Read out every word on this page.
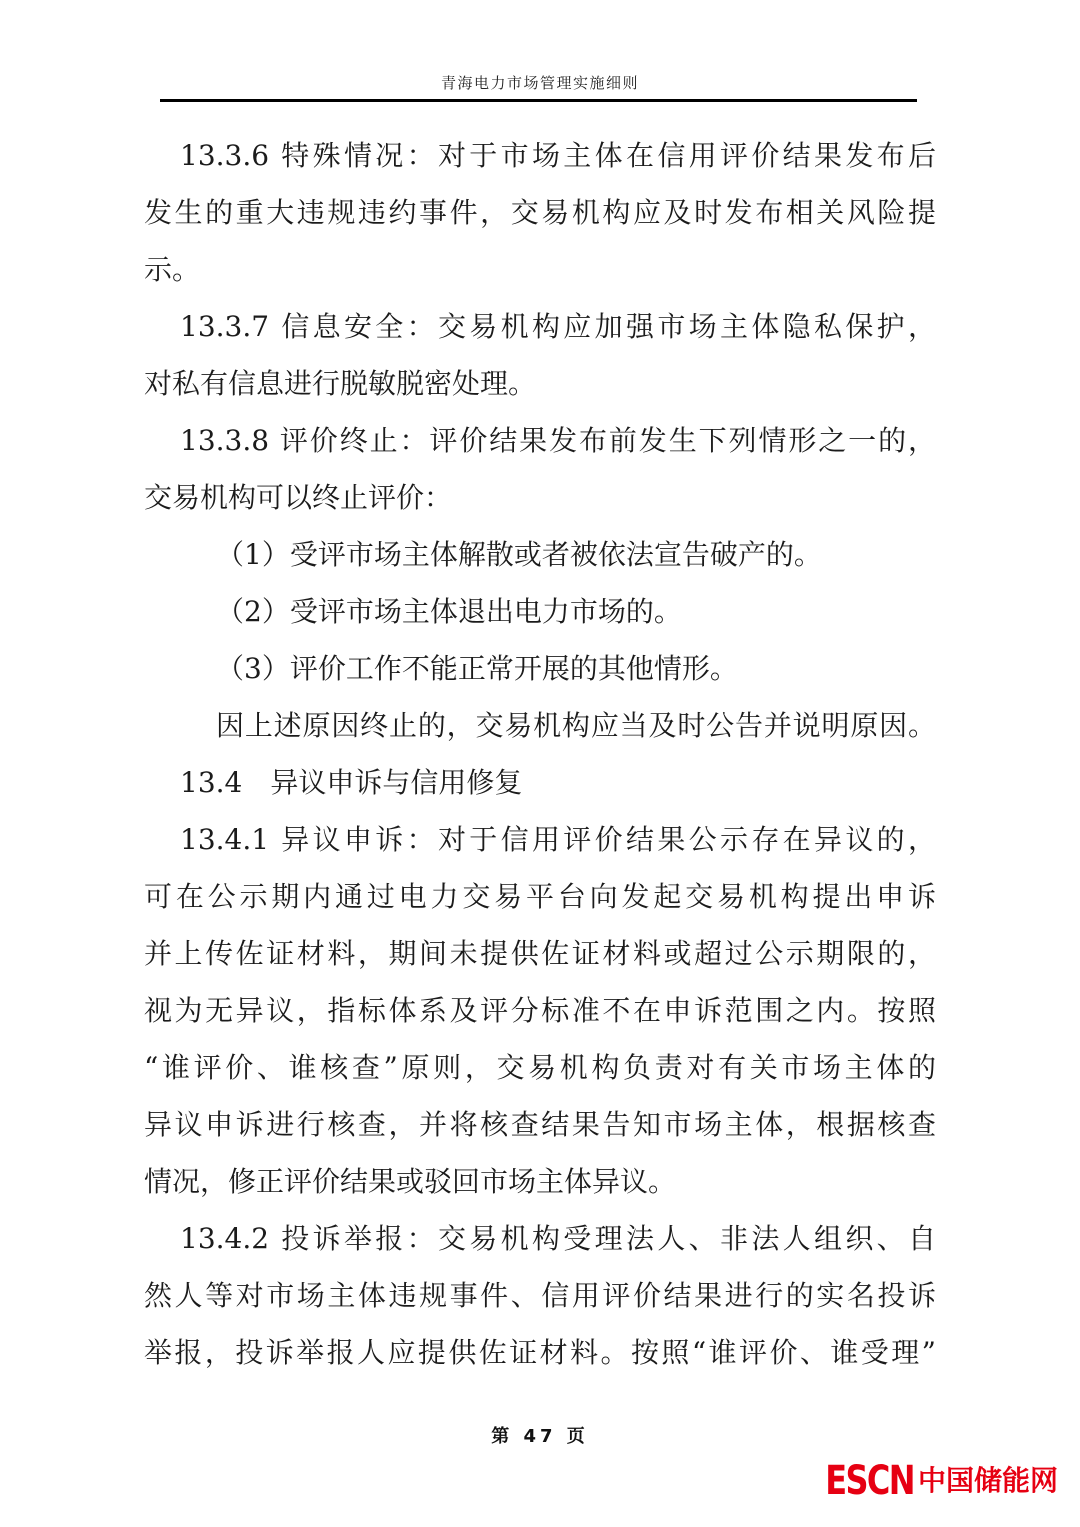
青海电力市场管理实施细则
13.3.6 特殊情况：对于市场主体在信用评价结果发布后
发生的重大违规违约事件，交易机构应及时发布相关风险提
示。
13.3.7 信息安全：交易机构应加强市场主体隐私保护，
对私有信息进行脱敏脱密处理。
13.3.8 评价终止：评价结果发布前发生下列情形之一的，
交易机构可以终止评价：
（1）受评市场主体解散或者被依法宣告破产的。
（2）受评市场主体退出电力市场的。
（3）评价工作不能正常开展的其他情形。
因上述原因终止的，交易机构应当及时公告并说明原因。
13.4　异议申诉与信用修复
13.4.1 异议申诉：对于信用评价结果公示存在异议的，
可在公示期内通过电力交易平台向发起交易机构提出申诉
并上传佐证材料，期间未提供佐证材料或超过公示期限的，
视为无异议，指标体系及评分标准不在申诉范围之内。按照
“谁评价、谁核查”原则，交易机构负责对有关市场主体的
异议申诉进行核查，并将核查结果告知市场主体，根据核查
情况，修正评价结果或驳回市场主体异议。
13.4.2 投诉举报：交易机构受理法人、非法人组织、自
然人等对市场主体违规事件、信用评价结果进行的实名投诉
举报，投诉举报人应提供佐证材料。按照“谁评价、谁受理”
第 47 页
ESCN 中国储能网
